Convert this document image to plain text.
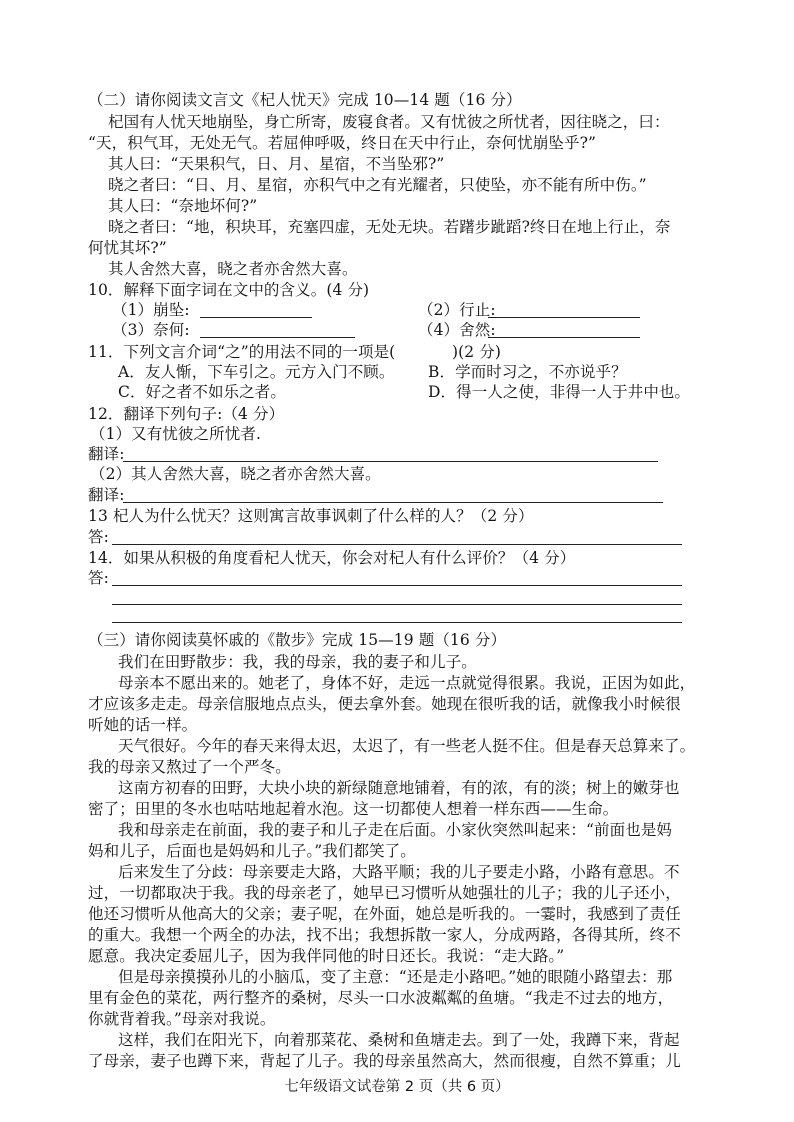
（二）请你阅读文言文《杞人忧天》完成 10—14 题（16 分）
杞国有人忧天地崩坠，身亡所寄，废寝食者。又有忧彼之所忧者，因往晓之，曰：
“天，积气耳，无处无气。若屈伸呼吸，终日在天中行止，奈何忧崩坠乎?”
其人曰：“天果积气，日、月、星宿，不当坠邪?”
晓之者曰：“日、月、星宿，亦积气中之有光耀者，只使坠，亦不能有所中伤。”
其人曰：“奈地坏何?”
晓之者曰：“地，积块耳，充塞四虚，无处无块。若躇步跐蹈?终日在地上行止，奈
何忧其坏?”
其人舍然大喜，晓之者亦舍然大喜。
10．解释下面字词在文中的含义。(4 分)
（1）崩坠:	（2）行止:
（3）奈何:	（4）舍然:
11．下列文言介词“之”的用法不同的一项是(	)(2 分)
A．友人惭，下车引之。元方入门不顾。	B．学而时习之，不亦说乎？
C．好之者不如乐之者。	D．得一人之使，非得一人于井中也。
12．翻译下列句子:（4 分）
（1）又有忧彼之所忧者.
翻译:
（2）其人舍然大喜，晓之者亦舍然大喜。
翻译:
13 杞人为什么忧天？这则寓言故事讽刺了什么样的人？（2 分）
答:
14．如果从积极的角度看杞人忧天，你会对杞人有什么评价？（4 分）
答:
（三）请你阅读莫怀戚的《散步》完成 15—19 题（16 分）
我们在田野散步：我，我的母亲，我的妻子和儿子。
母亲本不愿出来的。她老了，身体不好，走远一点就觉得很累。我说，正因为如此，
才应该多走走。母亲信服地点点头，便去拿外套。她现在很听我的话，就像我小时候很
听她的话一样。
天气很好。今年的春天来得太迟，太迟了，有一些老人挺不住。但是春天总算来了。
我的母亲又熬过了一个严冬。
这南方初春的田野，大块小块的新绿随意地铺着，有的浓，有的淡；树上的嫩芽也
密了；田里的冬水也咕咕地起着水泡。这一切都使人想着一样东西——生命。
我和母亲走在前面，我的妻子和儿子走在后面。小家伙突然叫起来：“前面也是妈
妈和儿子，后面也是妈妈和儿子。”我们都笑了。
后来发生了分歧：母亲要走大路，大路平顺；我的儿子要走小路，小路有意思。不
过，一切都取决于我。我的母亲老了，她早已习惯听从她强壮的儿子；我的儿子还小，
他还习惯听从他高大的父亲；妻子呢，在外面，她总是听我的。一霎时，我感到了责任
的重大。我想一个两全的办法，找不出；我想拆散一家人，分成两路，各得其所，终不
愿意。我决定委屈儿子，因为我伴同他的时日还长。我说：“走大路。”
但是母亲摸摸孙儿的小脑瓜，变了主意：“还是走小路吧。”她的眼随小路望去：那
里有金色的菜花，两行整齐的桑树，尽头一口水波粼粼的鱼塘。“我走不过去的地方，
你就背着我。”母亲对我说。
这样，我们在阳光下，向着那菜花、桑树和鱼塘走去。到了一处，我蹲下来，背起
了母亲，妻子也蹲下来，背起了儿子。我的母亲虽然高大，然而很瘦，自然不算重；儿
七年级语文试卷第 2 页（共 6 页）
